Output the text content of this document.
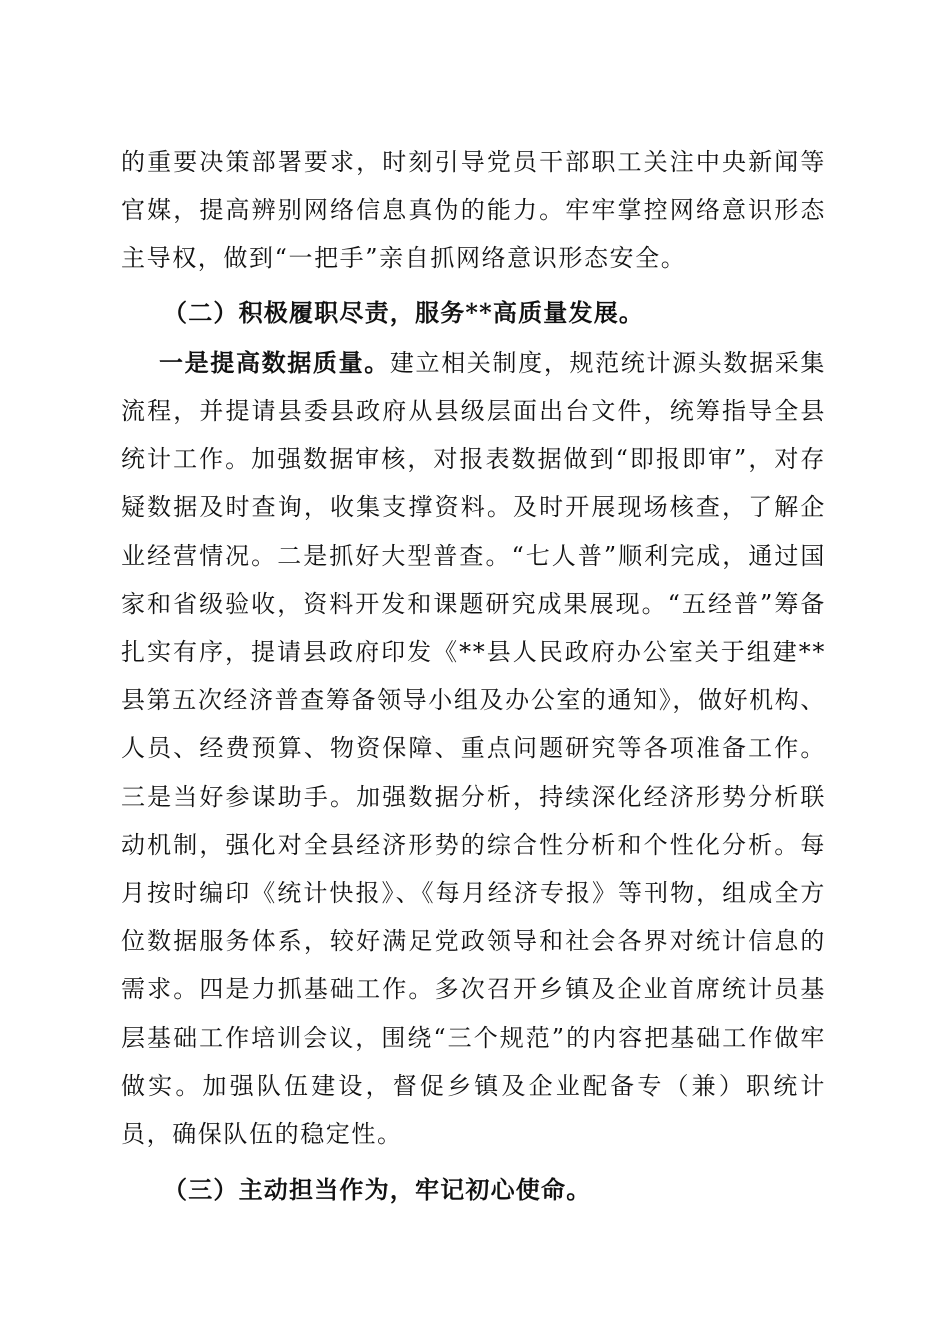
的重要决策部署要求，时刻引导党员干部职工关注中央新闻等官媒，提高辨别网络信息真伪的能力。牢牢掌控网络意识形态主导权，做到“一把手”亲自抓网络意识形态安全。

（二）积极履职尽责，服务**高质量发展。

一是提高数据质量。建立相关制度，规范统计源头数据采集流程，并提请县委县政府从县级层面出台文件，统筹指导全县统计工作。加强数据审核，对报表数据做到“即报即审”，对存疑数据及时查询，收集支撑资料。及时开展现场核查，了解企业经营情况。二是抓好大型普查。“七人普”顺利完成，通过国家和省级验收，资料开发和课题研究成果展现。“五经普”筹备扎实有序，提请县政府印发《**县人民政府办公室关于组建**县第五次经济普查筹备领导小组及办公室的通知》，做好机构、人员、经费预算、物资保障、重点问题研究等各项准备工作。三是当好参谋助手。加强数据分析，持续深化经济形势分析联动机制，强化对全县经济形势的综合性分析和个性化分析。每月按时编印《统计快报》、《每月经济专报》等刊物，组成全方位数据服务体系，较好满足党政领导和社会各界对统计信息的需求。四是力抓基础工作。多次召开乡镇及企业首席统计员基层基础工作培训会议，围绕“三个规范”的内容把基础工作做牢做实。加强队伍建设，督促乡镇及企业配备专（兼）职统计员，确保队伍的稳定性。

（三）主动担当作为，牢记初心使命。
